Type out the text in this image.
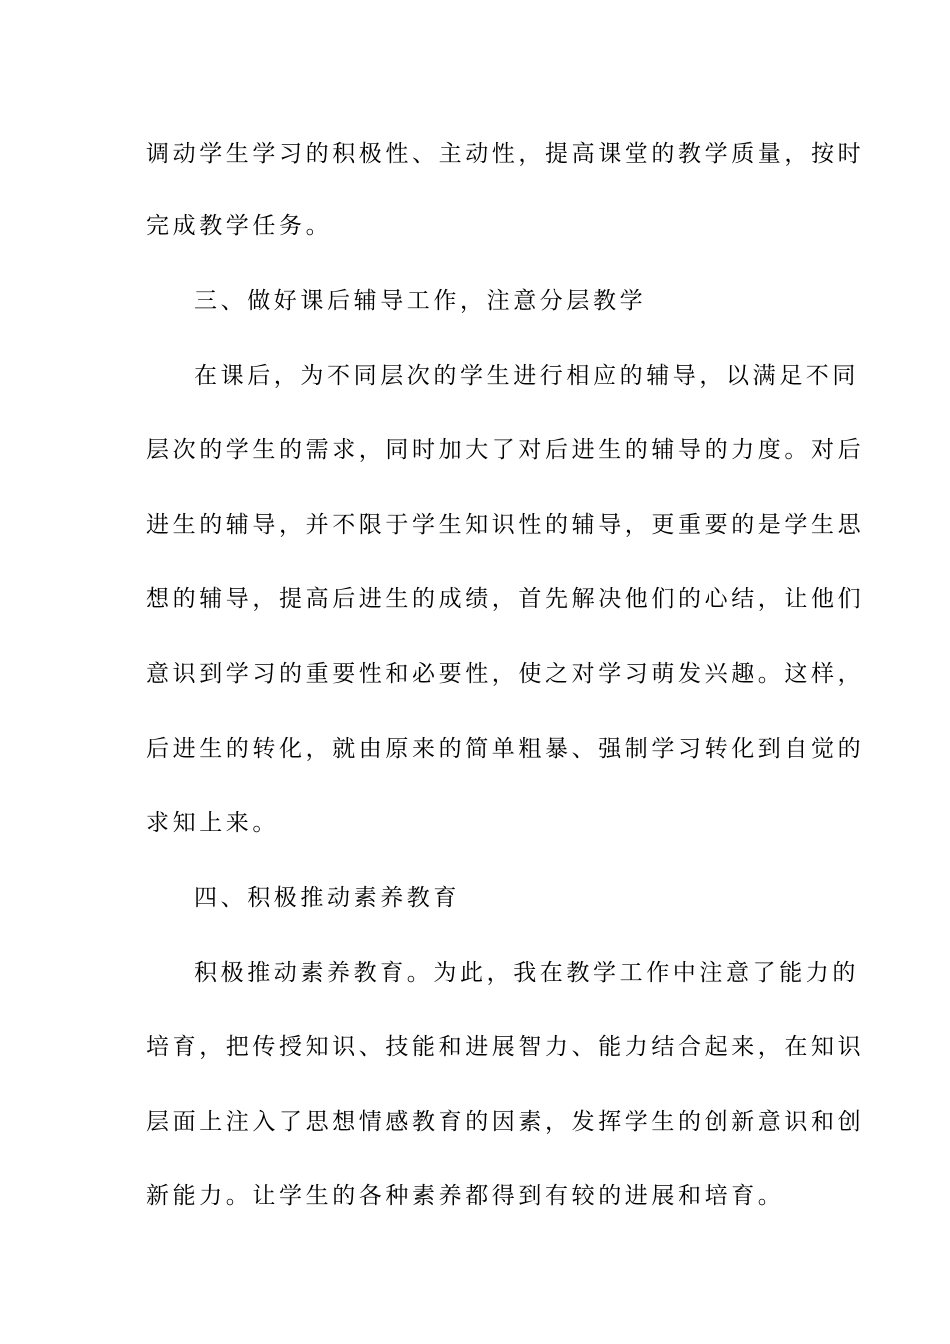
调动学生学习的积极性、主动性，提高课堂的教学质量，按时
完成教学任务。
三、做好课后辅导工作，注意分层教学
在课后，为不同层次的学生进行相应的辅导，以满足不同
层次的学生的需求，同时加大了对后进生的辅导的力度。对后
进生的辅导，并不限于学生知识性的辅导，更重要的是学生思
想的辅导，提高后进生的成绩，首先解决他们的心结，让他们
意识到学习的重要性和必要性，使之对学习萌发兴趣。这样，
后进生的转化，就由原来的简单粗暴、强制学习转化到自觉的
求知上来。
四、积极推动素养教育
积极推动素养教育。为此，我在教学工作中注意了能力的
培育，把传授知识、技能和进展智力、能力结合起来，在知识
层面上注入了思想情感教育的因素，发挥学生的创新意识和创
新能力。让学生的各种素养都得到有较的进展和培育。
